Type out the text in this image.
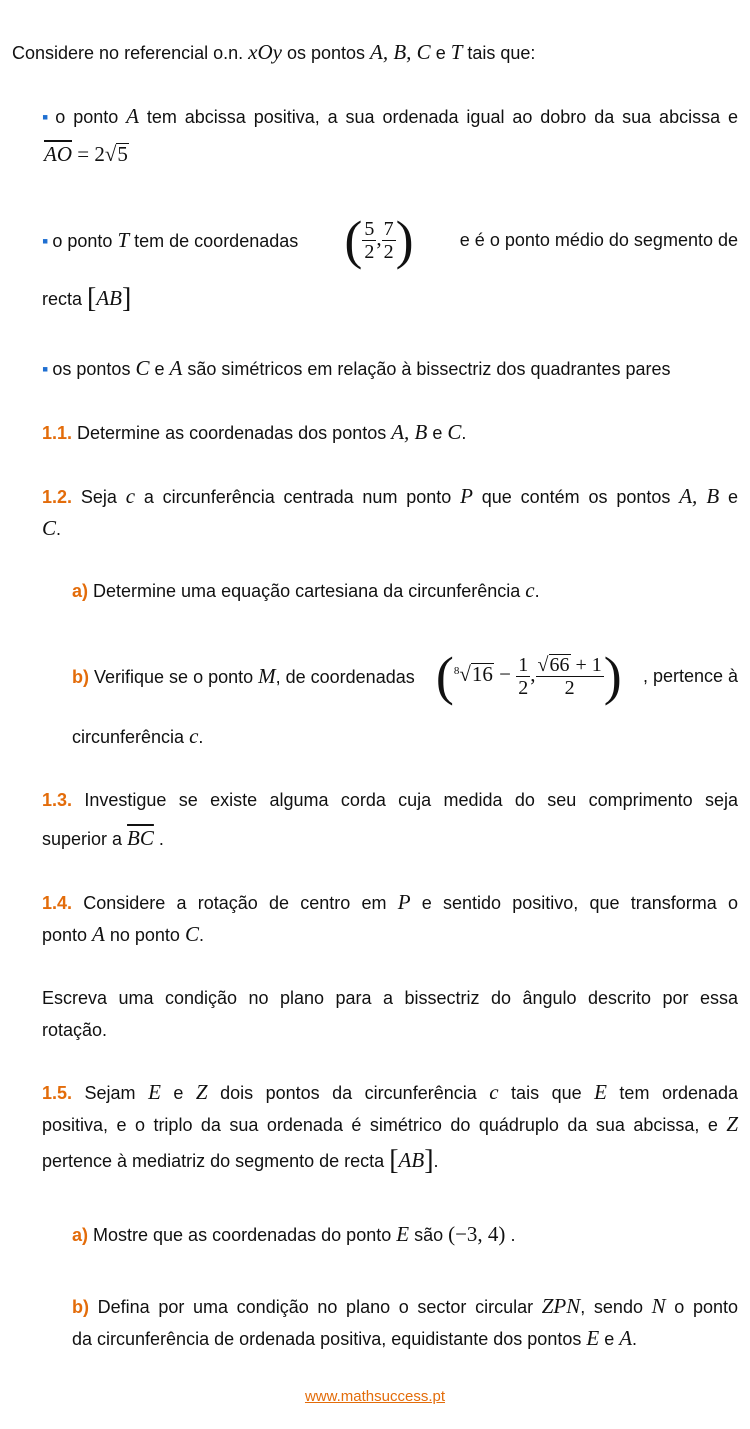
Considere no referencial o.n. xOy os pontos A, B, C e T tais que:
▪ o ponto A tem abcissa positiva, a sua ordenada igual ao dobro da sua abcissa e
$\overline{AO} = 2√5$
▪ o ponto T tem de coordenadas ( $\frac{5}{2}$ , $\frac{7}{2}$ )	e é o ponto médio do segmento de
recta [AB]
▪ os pontos C e A são simétricos em relação à bissectriz dos quadrantes pares
1.1. Determine as coordenadas dos pontos A, B e C.
1.2. Seja c a circunferência centrada num ponto P que contém os pontos A, B e
C.
a) Determine uma equação cartesiana da circunferência c.
b) Verifique se o ponto M, de coordenadas ($^8√16 - \frac{1}{2}$ , $\frac{√66 + 1}{2}$ ) , pertence à
circunferência c.
1.3. Investigue se existe alguma corda cuja medida do seu comprimento seja
superior a $\overline{BC}$ .
1.4. Considere a rotação de centro em P e sentido positivo, que transforma o
ponto A no ponto C.
Escreva uma condição no plano para a bissectriz do ângulo descrito por essa
rotação.
1.5. Sejam E e Z dois pontos da circunferência c tais que E tem ordenada
positiva, e o triplo da sua ordenada é simétrico do quádruplo da sua abcissa, e Z
pertence à mediatriz do segmento de recta [AB].
a) Mostre que as coordenadas do ponto E são (−3, 4) .
b) Defina por uma condição no plano o sector circular ZPN, sendo N o ponto
da circunferência de ordenada positiva, equidistante dos pontos E e A.
www.mathsuccess.pt
